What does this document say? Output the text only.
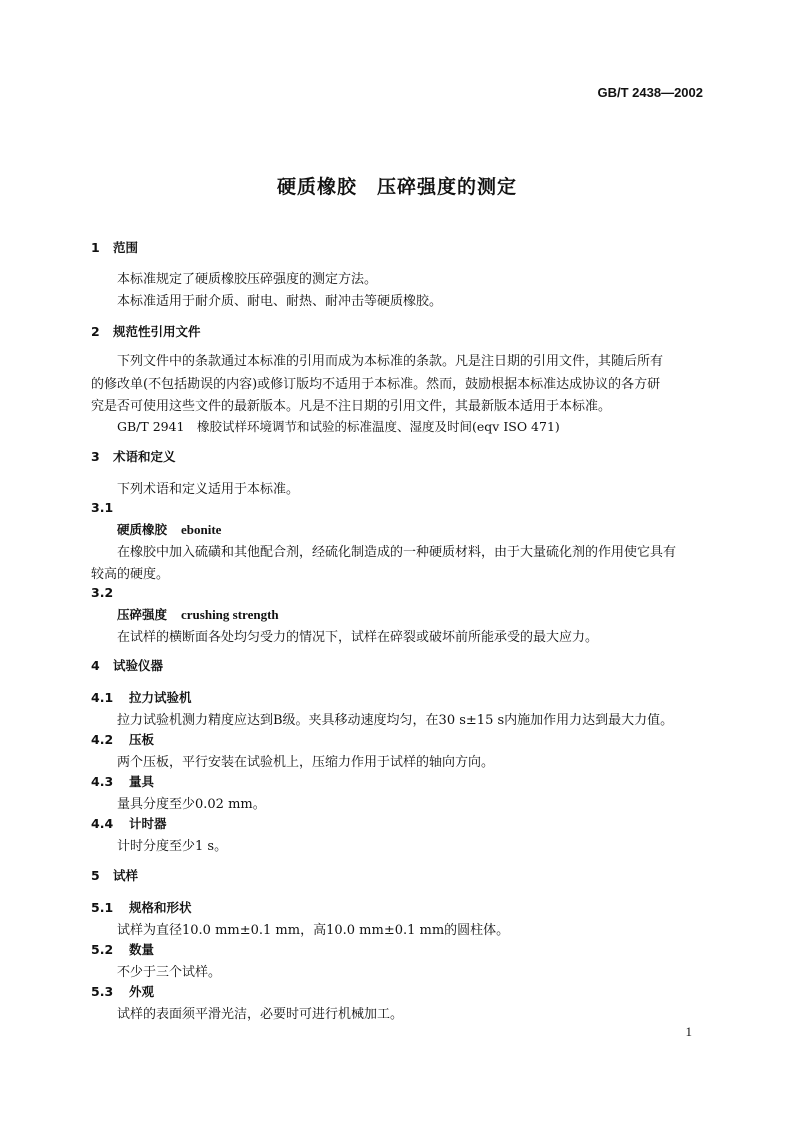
GB/T 2438—2002
硬质橡胶　压碎强度的测定
1 范围
本标准规定了硬质橡胶压碎强度的测定方法。
本标准适用于耐介质、耐电、耐热、耐冲击等硬质橡胶。
2 规范性引用文件
下列文件中的条款通过本标准的引用而成为本标准的条款。凡是注日期的引用文件，其随后所有
的修改单(不包括勘误的内容)或修订版均不适用于本标准。然而，鼓励根据本标准达成协议的各方研
究是否可使用这些文件的最新版本。凡是不注日期的引用文件，其最新版本适用于本标准。
GB/T 2941　橡胶试样环境调节和试验的标准温度、湿度及时间(eqv ISO 471)
3 术语和定义
下列术语和定义适用于本标准。
3.1
硬质橡胶 ebonite
在橡胶中加入硫磺和其他配合剂，经硫化制造成的一种硬质材料，由于大量硫化剂的作用使它具有
较高的硬度。
3.2
压碎强度 crushing strength
在试样的横断面各处均匀受力的情况下，试样在碎裂或破坏前所能承受的最大应力。
4 试验仪器
4.1 拉力试验机
拉力试验机测力精度应达到B级。夹具移动速度均匀，在30 s±15 s内施加作用力达到最大力值。
4.2 压板
两个压板，平行安装在试验机上，压缩力作用于试样的轴向方向。
4.3 量具
量具分度至少0.02 mm。
4.4 计时器
计时分度至少1 s。
5 试样
5.1 规格和形状
试样为直径10.0 mm±0.1 mm，高10.0 mm±0.1 mm的圆柱体。
5.2 数量
不少于三个试样。
5.3 外观
试样的表面须平滑光洁，必要时可进行机械加工。
1
